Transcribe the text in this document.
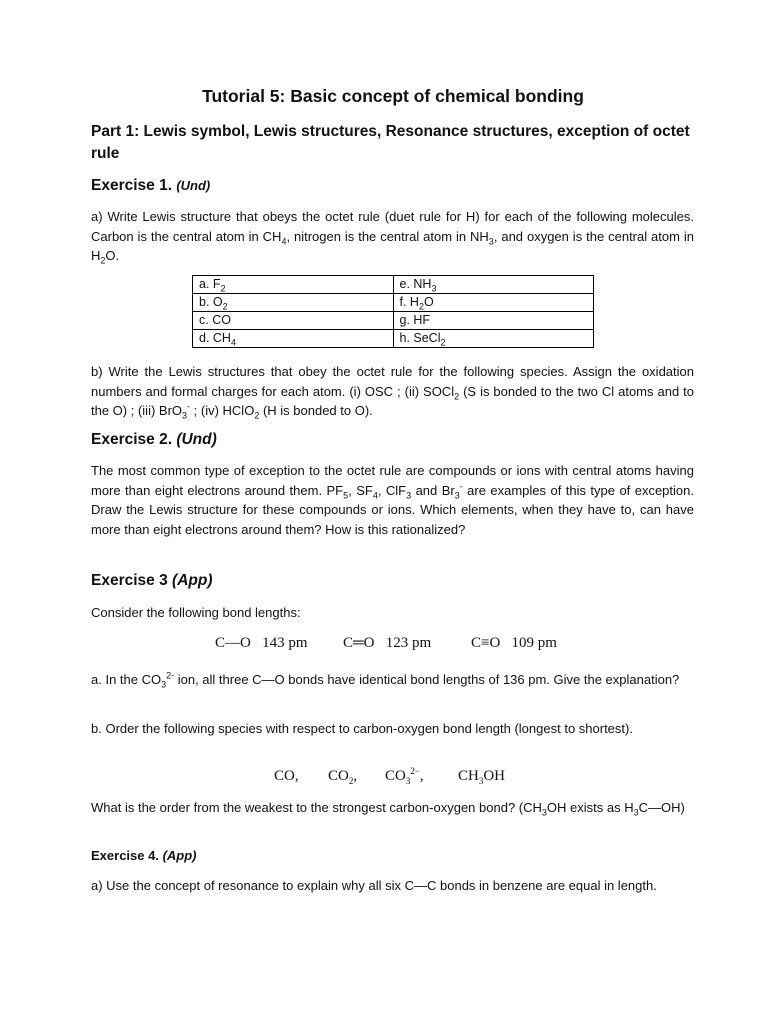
Tutorial 5: Basic concept of chemical bonding
Part 1: Lewis symbol, Lewis structures, Resonance structures, exception of octet rule
Exercise 1. (Und)
a) Write Lewis structure that obeys the octet rule (duet rule for H) for each of the following molecules. Carbon is the central atom in $CH_4$, nitrogen is the central atom in $NH_3$, and oxygen is the central atom in $H_2O$.
a. $F_2$	e. $NH_3$
b. $O_2$	f. $H_2O$
c. CO	g. HF
d. $CH_4$	h. SeCl$_2$
b) Write the Lewis structures that obey the octet rule for the following species. Assign the oxidation numbers and formal charges for each atom. (i) OSC ; (ii) SOCl$_2$ (S is bonded to the two Cl atoms and to the O) ; (iii) BrO$_3$- ; (iv) HClO$_2$ (H is bonded to O).
Exercise 2. (Und)
The most common type of exception to the octet rule are compounds or ions with central atoms having more than eight electrons around them. $PF_5$, $SF_4$, ClF$_3$ and $Br_3^-$ are examples of this type of exception. Draw the Lewis structure for these compounds or ions. Which elements, when they have to, can have more than eight electrons around them? How is this rationalized?
Exercise 3 (App)
Consider the following bond lengths:
C—O 143 pm C═O 123 pm	C≡O 109 pm
a. In the $CO_3^{2-}$ ion, all three C—O bonds have identical bond lengths of 136 pm. Give the explanation?
b. Order the following species with respect to carbon-oxygen bond length (longest to shortest).
CO, $CO_2$, $CO_3^{2-}$, $CH_3OH$
What is the order from the weakest to the strongest carbon-oxygen bond? ($CH_3OH$ exists as $H_3C—OH$)
Exercise 4. (App)
a) Use the concept of resonance to explain why all six C—C bonds in benzene are equal in length.
